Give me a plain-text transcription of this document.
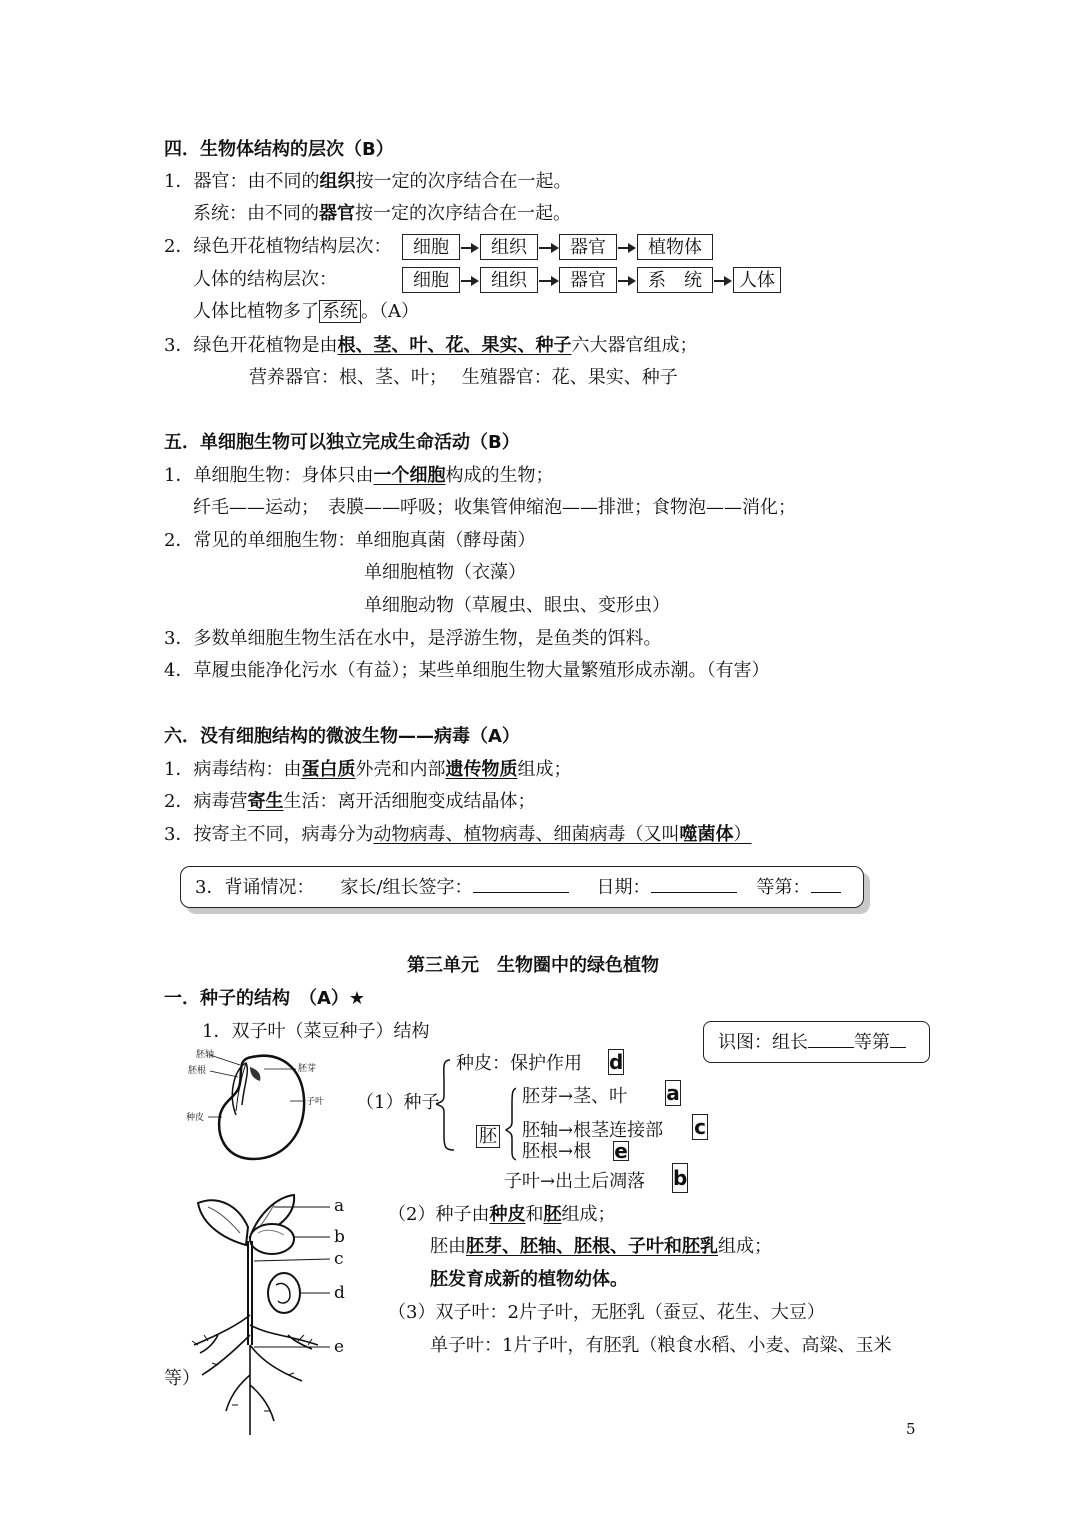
四．生物体结构的层次（B）
1．器官：由不同的组织按一定的次序结合在一起。
系统：由不同的器官按一定的次序结合在一起。
2．绿色开花植物结构层次：	细胞	组织	器官	植物体
人体的结构层次：	细胞	组织	器官	系　统	人体
人体比植物多了 系统 。（A）
3．绿色开花植物是由根、茎、叶、花、果实、种子六大器官组成；
营养器官：根、茎、叶；　 生殖器官：花、果实、种子
五．单细胞生物可以独立完成生命活动（B）
1．单细胞生物：身体只由一个细胞构成的生物；
纤毛——运动；　表膜——呼吸；收集管伸缩泡——排泄；食物泡——消化；
2．常见的单细胞生物：单细胞真菌（酵母菌）
单细胞植物（衣藻）
单细胞动物（草履虫、眼虫、变形虫）
3．多数单细胞生物生活在水中，是浮游生物，是鱼类的饵料。
4．草履虫能净化污水（有益）；某些单细胞生物大量繁殖形成赤潮。（有害）
六．没有细胞结构的微波生物——病毒（A）
1．病毒结构：由蛋白质外壳和内部遗传物质组成；
2．病毒营寄生生活：离开活细胞变成结晶体；
3．按寄主不同，病毒分为动物病毒、植物病毒、细菌病毒（又叫噬菌体）
3．背诵情况： 家长/组长签字：	日期：	等第：
第三单元　生物圈中的绿色植物
一．种子的结构　（A）★
1．双子叶（菜豆种子）结构
识图：组长	等第
胚轴
胚根	胚芽
子叶
种皮
（1）种子
种皮：保护作用 d
胚
胚芽→茎、叶 a
胚轴→根茎连接部 c
胚根→根 e
子叶→出土后凋落 b
a
b
c
d
e
（2）种子由种皮和胚组成；
胚由胚芽、胚轴、胚根、子叶和胚乳组成；
胚发育成新的植物幼体。
（3）双子叶：2片子叶，无胚乳（蚕豆、花生、大豆）
单子叶：1片子叶，有胚乳（粮食水稻、小麦、高粱、玉米
等）
5
